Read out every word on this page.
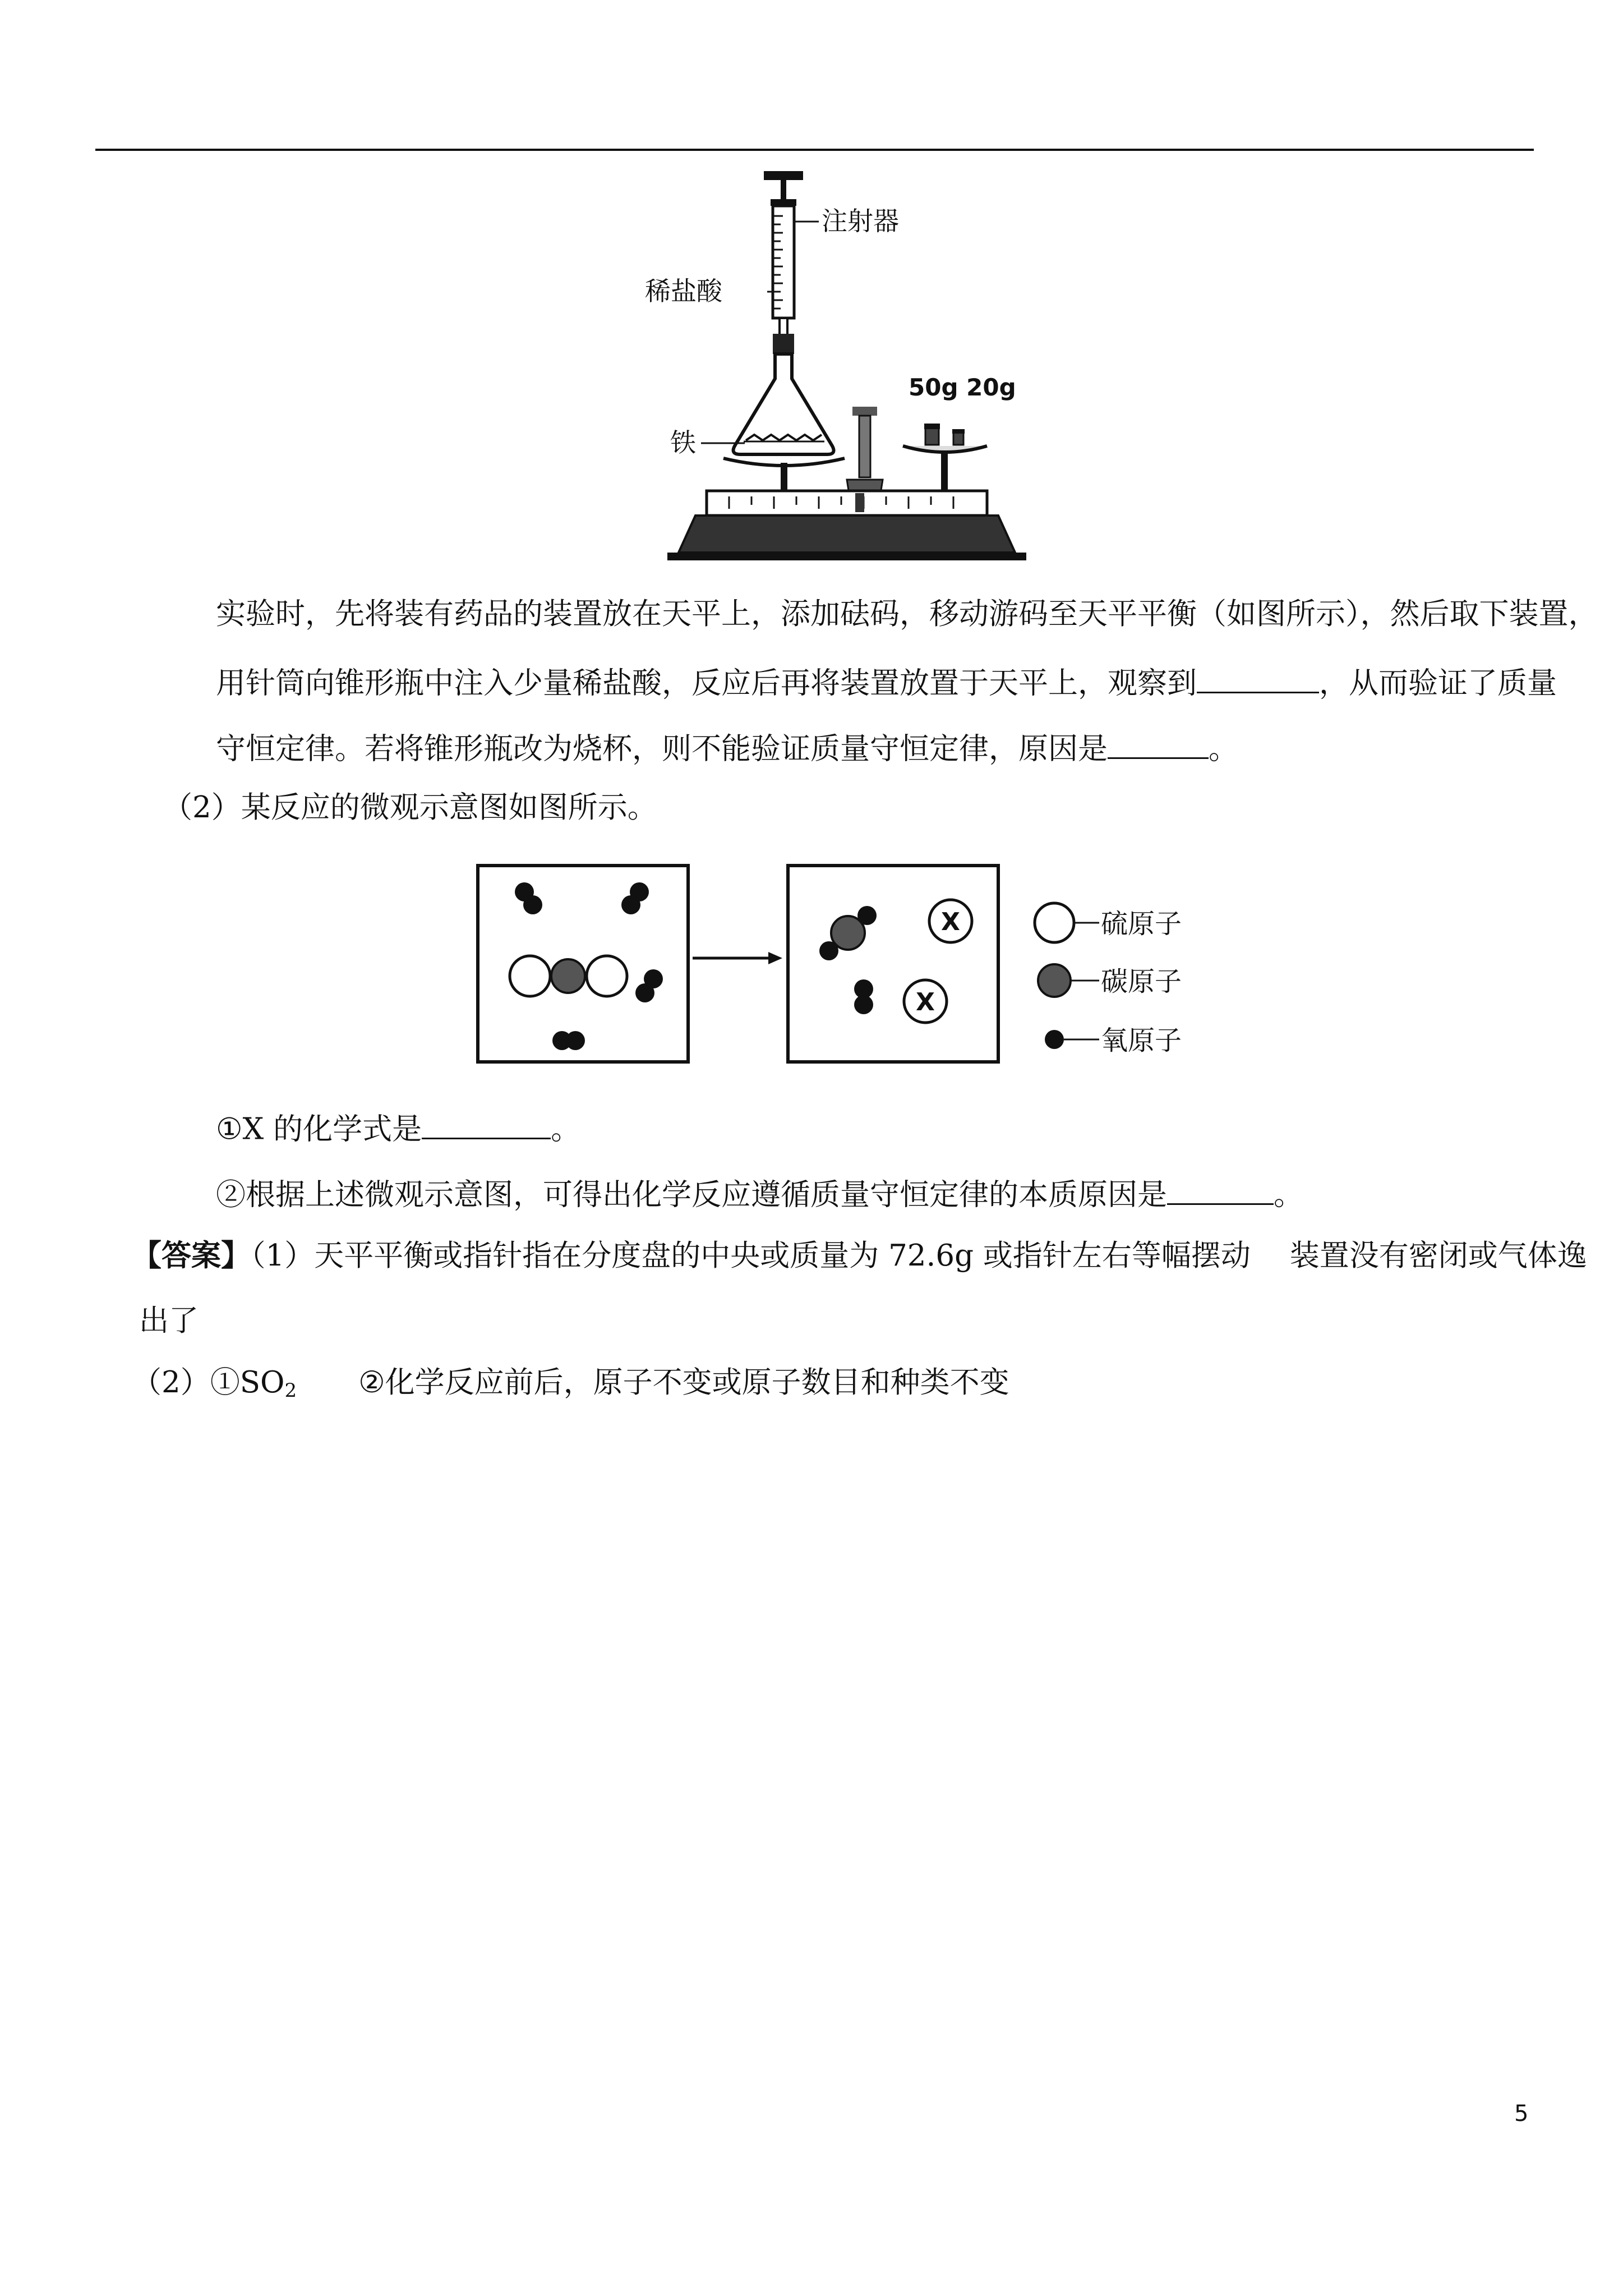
注射器
稀盐酸
铁
50g 20g
实验时，先将装有药品的装置放在天平上，添加砝码，移动游码至天平平衡（如图所示），然后取下装置，
用针筒向锥形瓶中注入少量稀盐酸，反应后再将装置放置于天平上，观察到	，从而验证了质量
守恒定律。若将锥形瓶改为烧杯，则不能验证质量守恒定律，原因是	。
（2）某反应的微观示意图如图所示。
X
X
硫原子
碳原子
氧原子
①X 的化学式是	。
②根据上述微观示意图，可得出化学反应遵循质量守恒定律的本质原因是	。
【答案】（1）天平平衡或指针指在分度盘的中央或质量为 72.6g 或指针左右等幅摆动　 装置没有密闭或气体逸
出了
$(2)①SO_2$ ②化学反应前后，原子不变或原子数目和种类不变
5
